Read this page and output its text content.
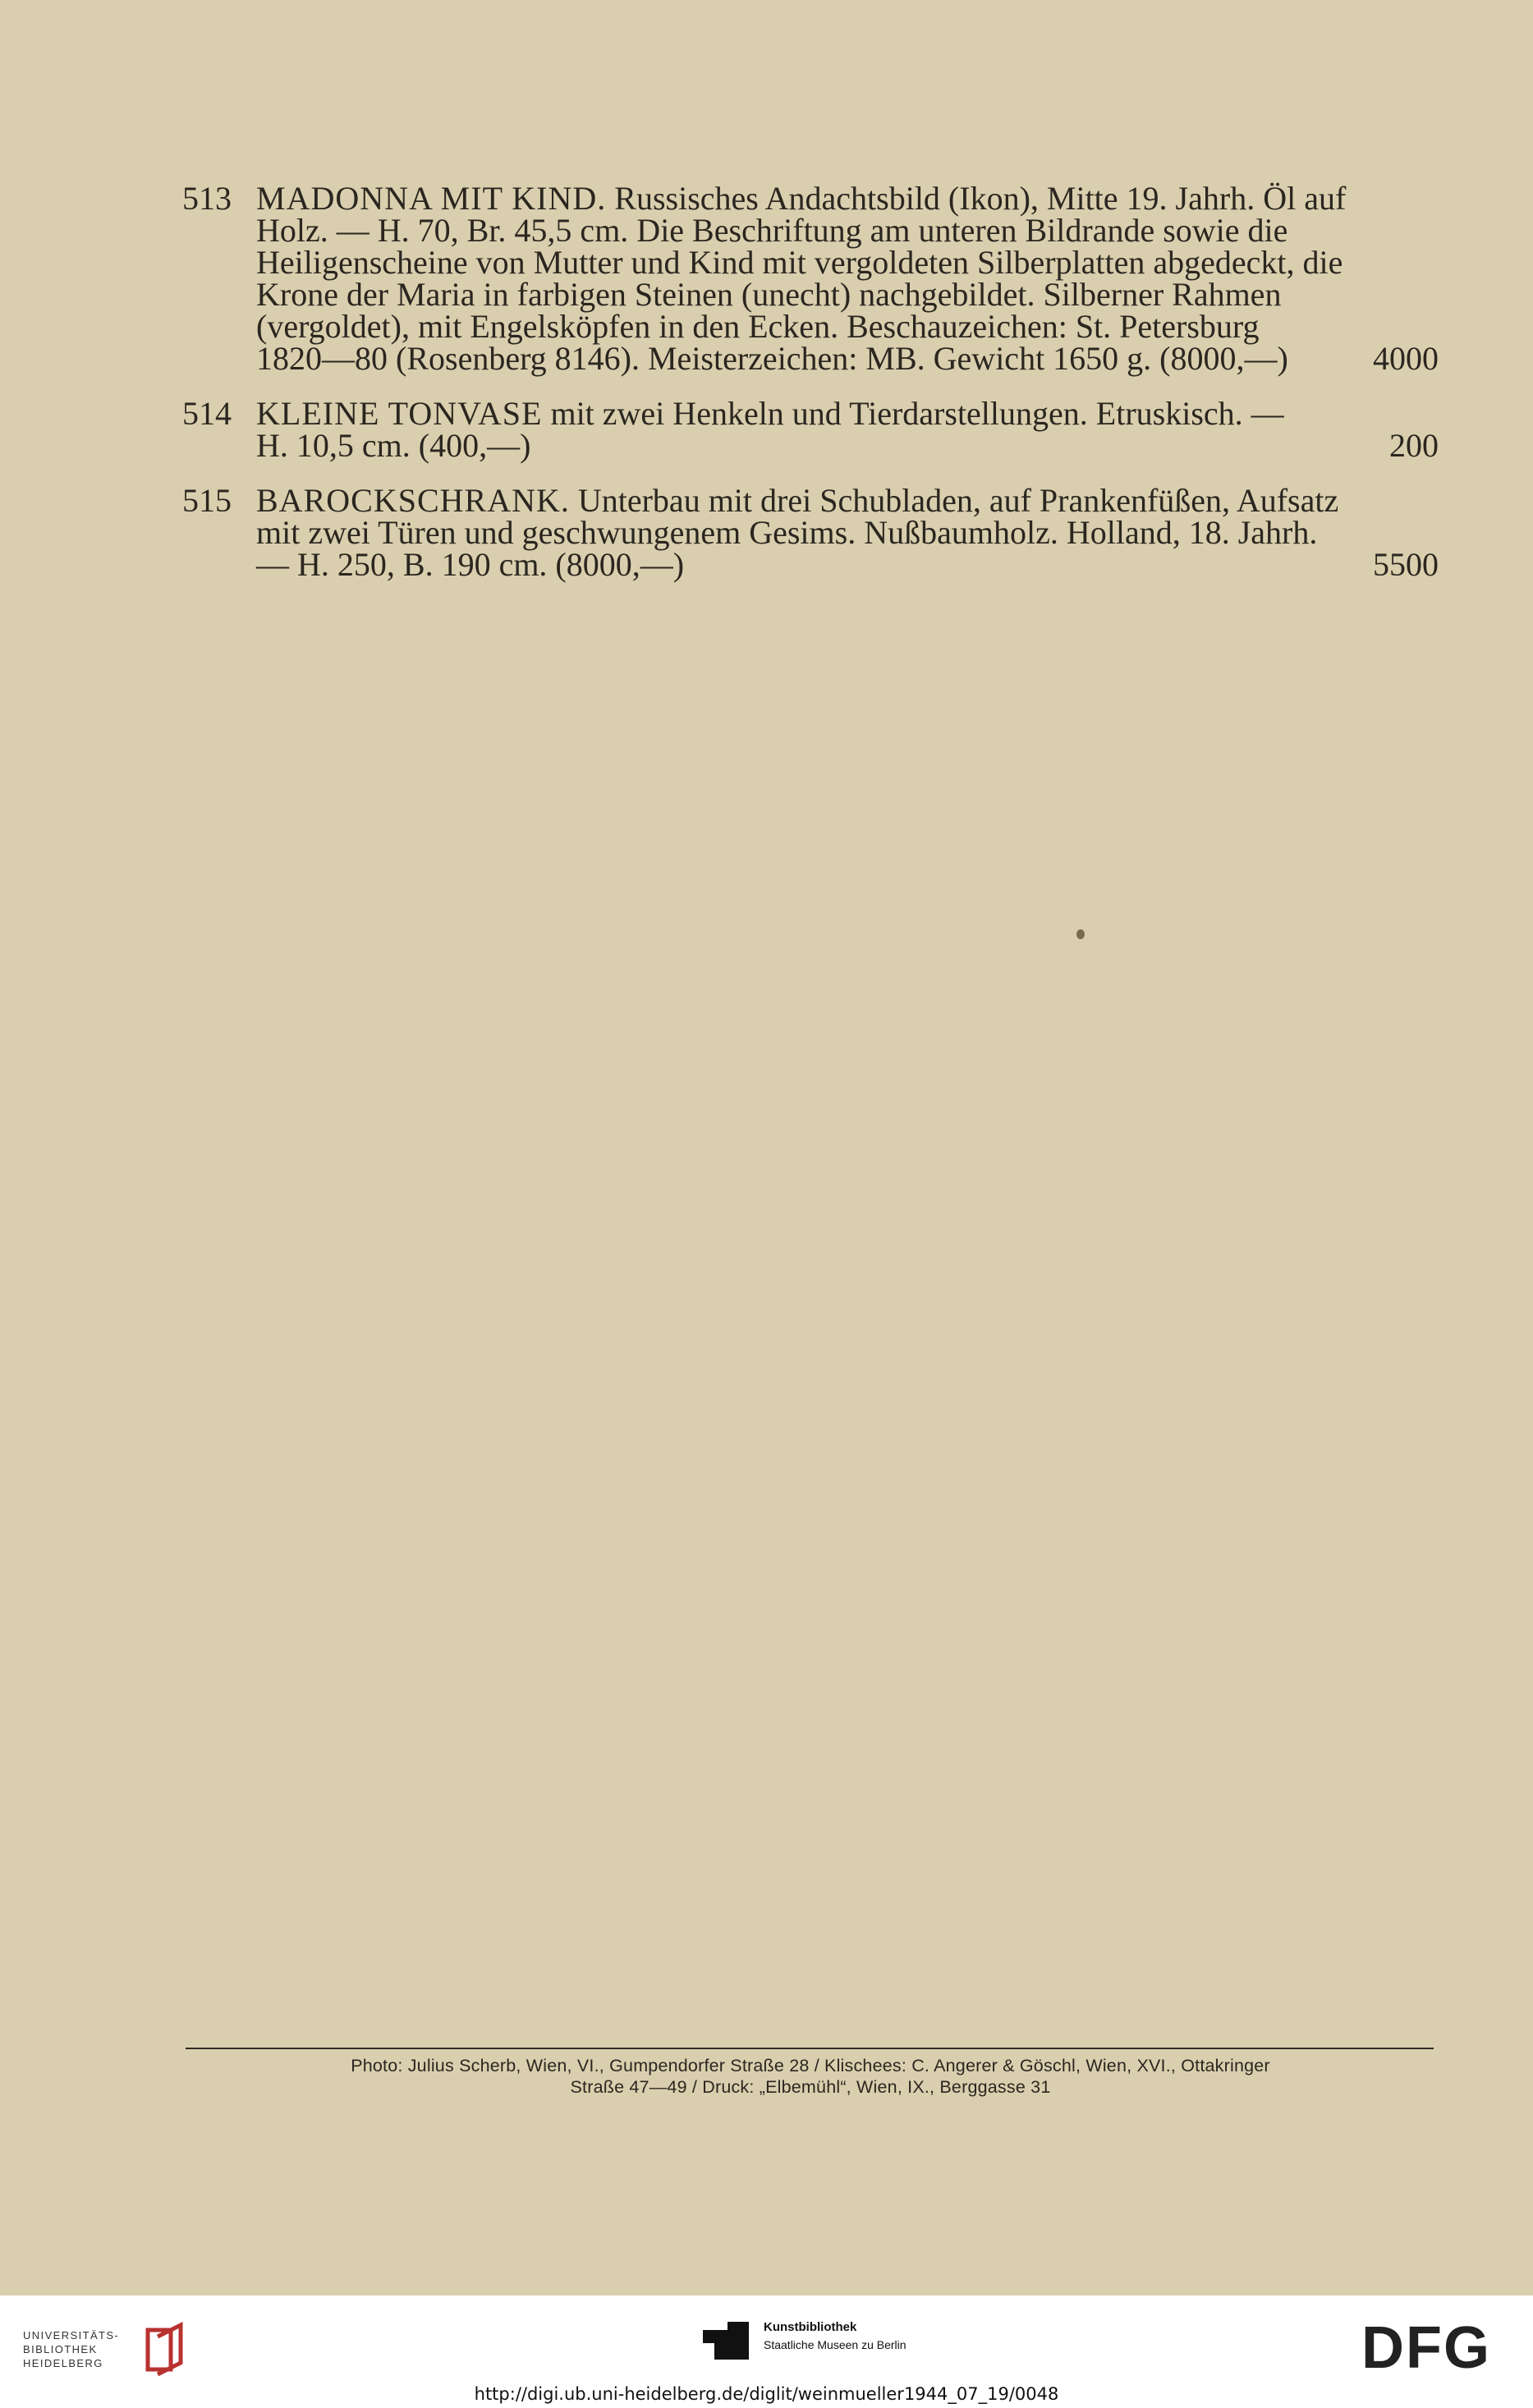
513 MADONNA MIT KIND. Russisches Andachtsbild (Ikon), Mitte 19. Jahrh. Öl auf
Holz. — H. 70, Br. 45,5 cm. Die Beschriftung am unteren Bildrande sowie die
Heiligenscheine von Mutter und Kind mit vergoldeten Silberplatten abgedeckt, die
Krone der Maria in farbigen Steinen (unecht) nachgebildet. Silberner Rahmen
(vergoldet), mit Engelsköpfen in den Ecken. Beschauzeichen: St. Petersburg
1820—80 (Rosenberg 8146). Meisterzeichen: MB. Gewicht 1650 g. (8000,—)	4000
514 KLEINE TONVASE mit zwei Henkeln und Tierdarstellungen. Etruskisch. —
H. 10,5 cm. (400,—)	200
515 BAROCKSCHRANK. Unterbau mit drei Schubladen, auf Prankenfüßen, Aufsatz
mit zwei Türen und geschwungenem Gesims. Nußbaumholz. Holland, 18. Jahrh.
— H. 250, B. 190 cm. (8000,—)	5500
Photo: Julius Scherb, Wien, VI., Gumpendorfer Straße 28 / Klischees: C. Angerer & Göschl, Wien, XVI., Ottakringer
Straße 47—49 / Druck: „Elbemühl“, Wien, IX., Berggasse 31
UNIVERSITÄTS-
BIBLIOTHEK
HEIDELBERG
Kunstbibliothek
Staatliche Museen zu Berlin	DFG
http://digi.ub.uni-heidelberg.de/diglit/weinmueller1944_07_19/0048
